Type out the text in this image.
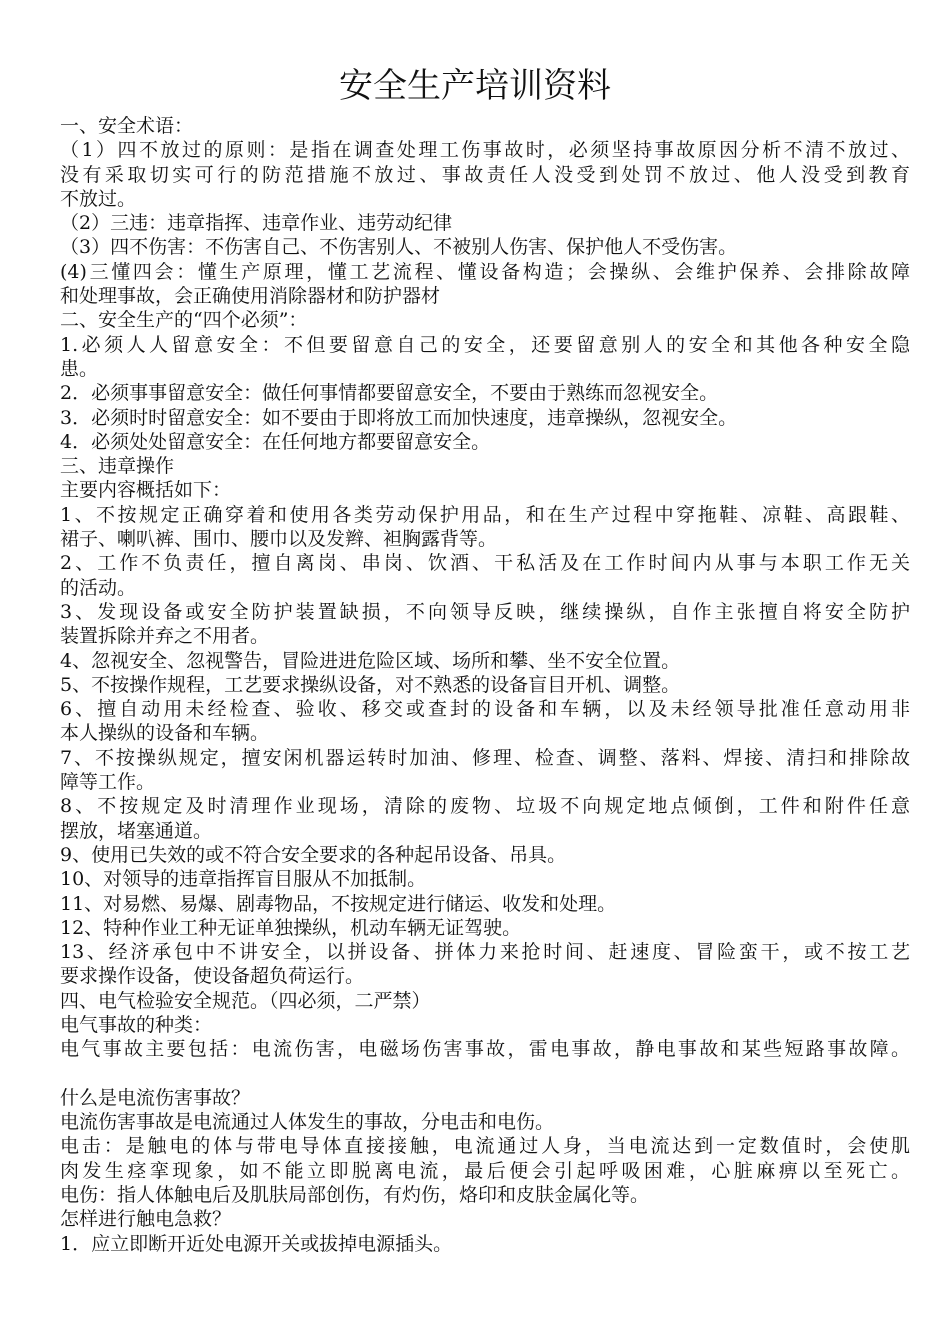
安全生产培训资料
一、安全术语：
（1）四不放过的原则：是指在调查处理工伤事故时，必须坚持事故原因分析不清不放过、
没有采取切实可行的防范措施不放过、事故责任人没受到处罚不放过、他人没受到教育
不放过。
（2）三违：违章指挥、违章作业、违劳动纪律
（3）四不伤害：不伤害自己、不伤害别人、不被别人伤害、保护他人不受伤害。
(4)三懂四会：懂生产原理，懂工艺流程、懂设备构造；会操纵、会维护保养、会排除故障
和处理事故，会正确使用消除器材和防护器材
二、安全生产的“四个必须”：
1.必须人人留意安全：不但要留意自己的安全，还要留意别人的安全和其他各种安全隐
患。
2．必须事事留意安全：做任何事情都要留意安全，不要由于熟练而忽视安全。
3．必须时时留意安全：如不要由于即将放工而加快速度，违章操纵，忽视安全。
4．必须处处留意安全：在任何地方都要留意安全。
三、违章操作
主要内容概括如下：
1、不按规定正确穿着和使用各类劳动保护用品，和在生产过程中穿拖鞋、凉鞋、高跟鞋、
裙子、喇叭裤、围巾、腰巾以及发辫、袒胸露背等。
2、工作不负责任，擅自离岗、串岗、饮酒、干私活及在工作时间内从事与本职工作无关
的活动。
3、发现设备或安全防护装置缺损，不向领导反映，继续操纵，自作主张擅自将安全防护
装置拆除并弃之不用者。
4、忽视安全、忽视警告，冒险进进危险区域、场所和攀、坐不安全位置。
5、不按操作规程，工艺要求操纵设备，对不熟悉的设备盲目开机、调整。
6、擅自动用未经检查、验收、移交或查封的设备和车辆，以及未经领导批准任意动用非
本人操纵的设备和车辆。
7、不按操纵规定，擅安闲机器运转时加油、修理、检查、调整、落料、焊接、清扫和排除故
障等工作。
8、不按规定及时清理作业现场，清除的废物、垃圾不向规定地点倾倒，工件和附件任意
摆放，堵塞通道。
9、使用已失效的或不符合安全要求的各种起吊设备、吊具。
10、对领导的违章指挥盲目服从不加抵制。
11、对易燃、易爆、剧毒物品，不按规定进行储运、收发和处理。
12、特种作业工种无证单独操纵，机动车辆无证驾驶。
13、经济承包中不讲安全，以拼设备、拼体力来抢时间、赶速度、冒险蛮干，或不按工艺
要求操作设备，使设备超负荷运行。
四、电气检验安全规范。（四必须，二严禁）
电气事故的种类：
电气事故主要包括：电流伤害，电磁场伤害事故，雷电事故，静电事故和某些短路事故障。
什么是电流伤害事故？
电流伤害事故是电流通过人体发生的事故，分电击和电伤。
电击：是触电的体与带电导体直接接触，电流通过人身，当电流达到一定数值时，会使肌
肉发生痉挛现象，如不能立即脱离电流，最后便会引起呼吸困难，心脏麻痹以至死亡。
电伤：指人体触电后及肌肤局部创伤，有灼伤，烙印和皮肤金属化等。
怎样进行触电急救？
1．应立即断开近处电源开关或拔掉电源插头。
